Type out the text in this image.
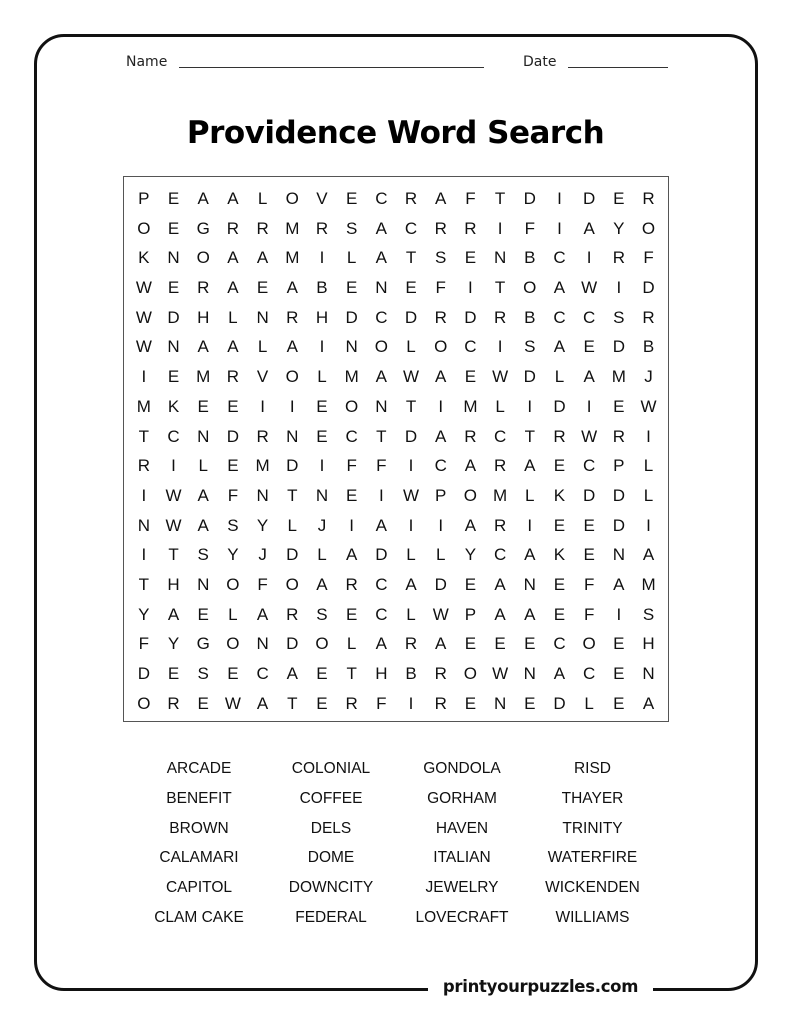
Name	Date
Providence Word Search
P	E	A	A	L	O	V	E	C	R	A	F	T	D	I	D	E	R
O	E	G R	R M R	S	A	C	R	R	I	F	I	A	Y	O
K	N O	A	A M	I	L	A	T	S	E	N	B	C	I	R	F
W E	R	A	E	A	B	E	N	E	F	I	T	O	A W	I	D
W D	H	L	N	R	H	D	C	D	R	D	R	B	C	C	S	R
W N	A	A	L	A	I	N O	L	O C	I	S	A	E	D	B
I	E M R	V	O	L	M A W A	E W D	L	A M	J
M K	E	E	I	I	E	O N	T	I	M	L	I	D	I	E W
T	C	N	D	R	N	E	C	T	D	A	R	C	T	R W R	I
R	I	L	E M D	I	F	F	I	C	A	R	A	E	C	P	L
I	W A	F	N	T	N	E	I	W P	O M	L	K	D	D	L
N W A	S	Y	L	J	I	A	I	I	A	R	I	E	E	D	I
I	T	S	Y	J	D	L	A	D	L	L	Y	C	A	K	E	N	A
T	H	N O	F	O	A	R	C	A	D	E	A	N	E	F	A M
Y	A	E	L	A	R	S	E	C	L W P	A	A	E	F	I	S
F	Y	G O N	D O	L	A	R	A	E	E	E	C O	E	H
D	E	S	E	C	A	E	T	H	B	R O W N	A	C	E	N
O R	E W A	T	E	R	F	I	R	E	N	E	D	L	E	A
ARCADE	COLONIAL	GONDOLA	RISD
BENEFIT	COFFEE	GORHAM	THAYER
BROWN	DELS	HAVEN	TRINITY
CALAMARI	DOME	ITALIAN	WATERFIRE
CAPITOL	DOWNCITY	JEWELRY	WICKENDEN
CLAM CAKE	FEDERAL	LOVECRAFT	WILLIAMS
printyourpuzzles.com
